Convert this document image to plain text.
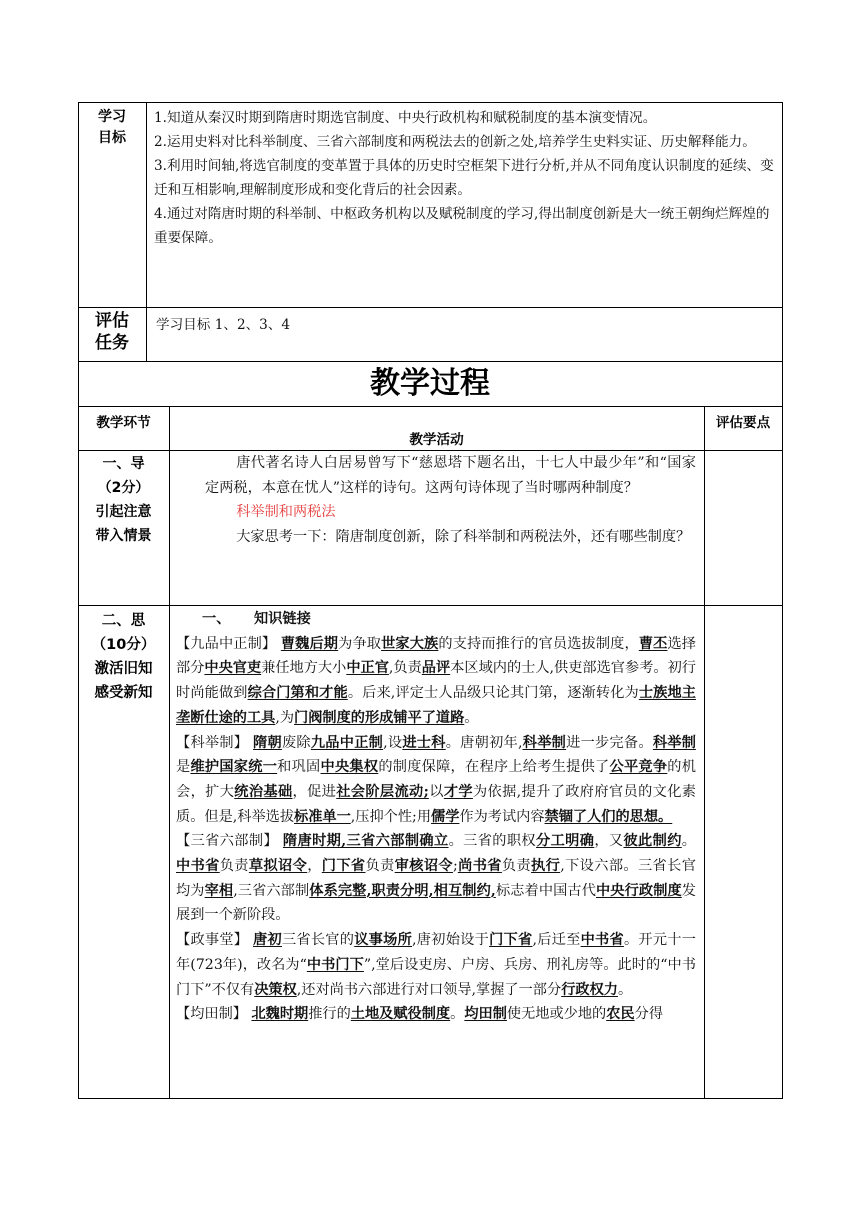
学习
目标

1.知道从秦汉时期到隋唐时期选官制度、中央行政机构和赋税制度的基本演变情况。

2.运用史料对比科举制度、三省六部制度和两税法去的创新之处,培养学生史料实证、历史解释能力。

3.利用时间轴,将选官制度的变革置于具体的历史时空框架下进行分析,并从不同角度认识制度的延续、变迁和互相影响,理解制度形成和变化背后的社会因素。

4.通过对隋唐时期的科举制、中枢政务机构以及赋税制度的学习,得出制度创新是大一统王朝绚烂辉煌的重要保障。

评估
任务
学习目标 1、2、3、4
教学过程
教学环节
教学活动
评估要点
一、导
（2分）
引起注意
带入情景

唐代著名诗人白居易曾写下“慈恩塔下题名出，十七人中最少年”和“国家定两税，本意在忧人”这样的诗句。这两句诗体现了当时哪两种制度？

科举制和两税法

大家思考一下：隋唐制度创新，除了科举制和两税法外，还有哪些制度？

二、思
（10分）
激活旧知
感受新知
一、 知识链接

【九品中正制】 曹魏后期为争取世家大族的支持而推行的官员选拔制度，曹丕选择部分中央官吏兼任地方大小中正官,负责品评本区域内的士人,供吏部选官参考。初行时尚能做到综合门第和才能。后来,评定士人品级只论其门第，逐渐转化为士族地主垄断仕途的工具,为门阀制度的形成铺平了道路。

【科举制】 隋朝废除九品中正制,设进士科。唐朝初年,科举制进一步完备。科举制是维护国家统一和巩固中央集权的制度保障，在程序上给考生提供了公平竞争的机会，扩大统治基础，促进社会阶层流动;以才学为依据,提升了政府府官员的文化素质。但是,科举选拔标准单一,压抑个性;用儒学作为考试内容禁锢了人们的思想。

【三省六部制】 隋唐时期,三省六部制确立。三省的职权分工明确，又彼此制约。中书省负责草拟诏令，门下省负责审核诏令;尚书省负责执行,下设六部。三省长官均为宰相,三省六部制体系完整,职责分明,相互制约,标志着中国古代中央行政制度发展到一个新阶段。

【政事堂】 唐初三省长官的议事场所,唐初始设于门下省,后迁至中书省。开元十一年(723年)，改名为“中书门下”,堂后设吏房、户房、兵房、刑礼房等。此时的“中书门下”不仅有决策权,还对尚书六部进行对口领导,掌握了一部分行政权力。

【均田制】 北魏时期推行的土地及赋役制度。均田制使无地或少地的农民分得
